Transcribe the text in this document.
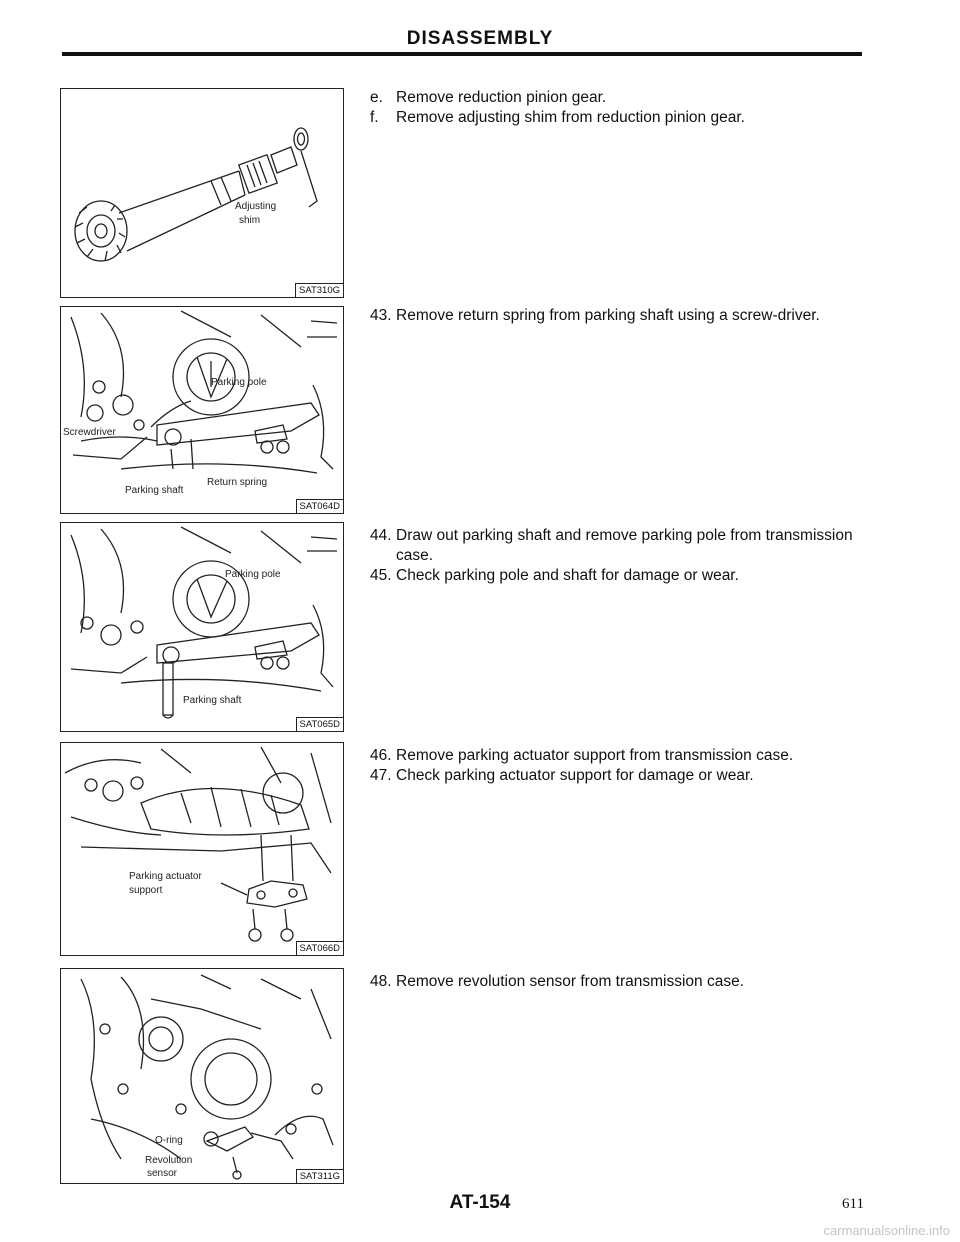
DISASSEMBLY
Adjusting
shim
SAT310G
Parking pole
Screwdriver
Parking shaft
Return spring
SAT064D
Parking pole
Parking shaft
SAT065D
Parking actuator
support
SAT066D
O-ring
Revolution
sensor	SAT311G
e. Remove reduction pinion gear.
f.	Remove adjusting shim from reduction pinion gear.
43. Remove return spring from parking shaft using a screw-driver.
44. Draw out parking shaft and remove parking pole from transmission case.
45. Check parking pole and shaft for damage or wear.
46. Remove parking actuator support from transmission case.
47. Check parking actuator support for damage or wear.
48. Remove revolution sensor from transmission case.
AT-154	611
carmanualsonline.info
